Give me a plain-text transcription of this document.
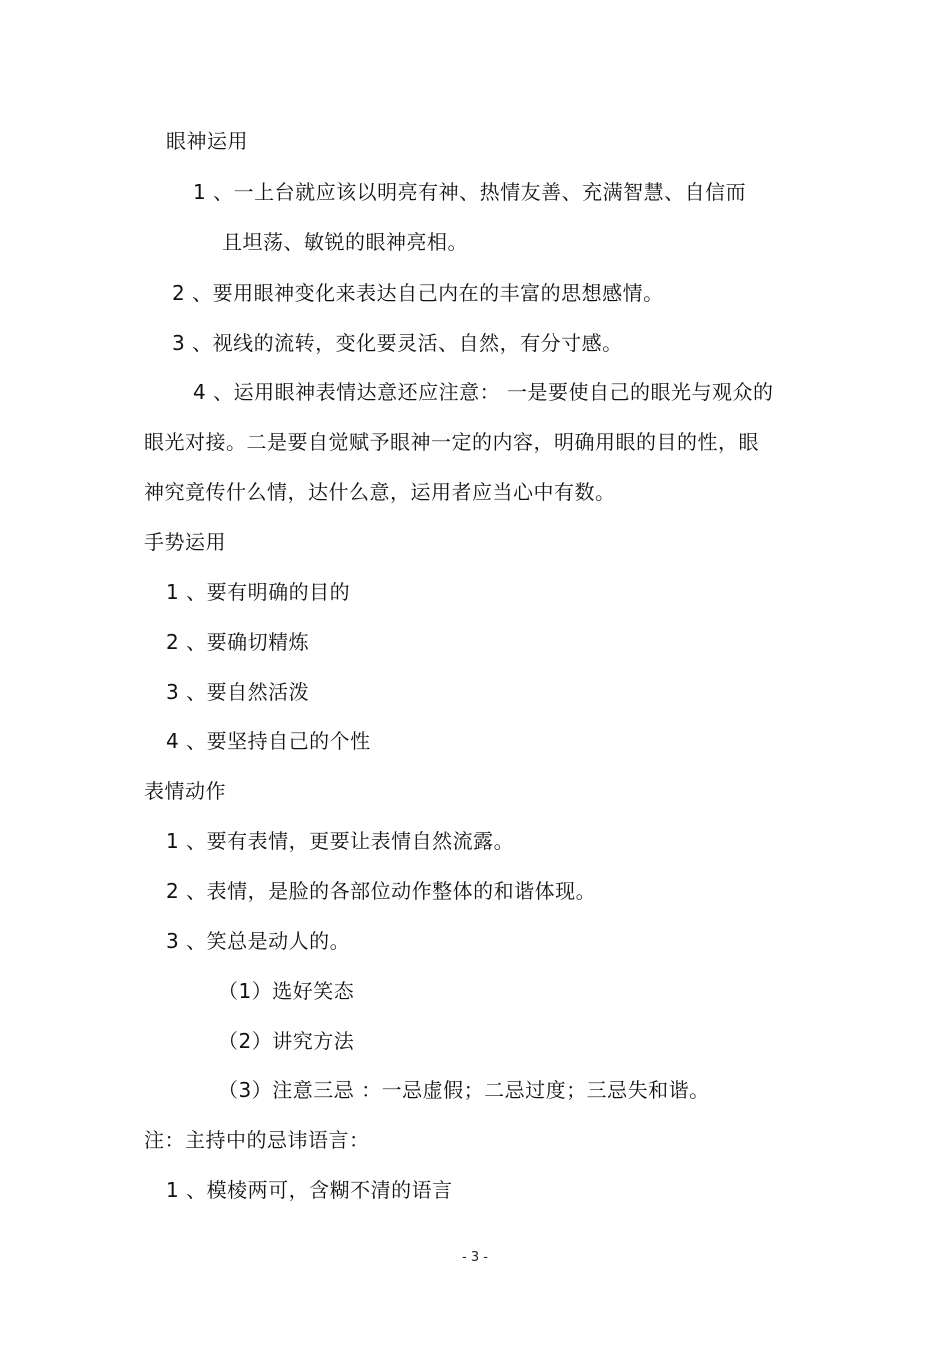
眼神运用
1 、一上台就应该以明亮有神、热情友善、充满智慧、自信而
且坦荡、敏锐的眼神亮相。
2 、要用眼神变化来表达自己内在的丰富的思想感情。
3 、视线的流转，变化要灵活、自然，有分寸感。
4 、运用眼神表情达意还应注意： 一是要使自己的眼光与观众的
眼光对接。二是要自觉赋予眼神一定的内容，明确用眼的目的性，眼
神究竟传什么情，达什么意，运用者应当心中有数。
手势运用
1 、要有明确的目的
2 、要确切精炼
3 、要自然活泼
4 、要坚持自己的个性
表情动作
1 、要有表情，更要让表情自然流露。
2 、表情，是脸的各部位动作整体的和谐体现。
3 、笑总是动人的。
（1）选好笑态
（2）讲究方法
（3）注意三忌 ：一忌虚假；二忌过度；三忌失和谐。
注：主持中的忌讳语言：
1 、模棱两可，含糊不清的语言
- 3 -
